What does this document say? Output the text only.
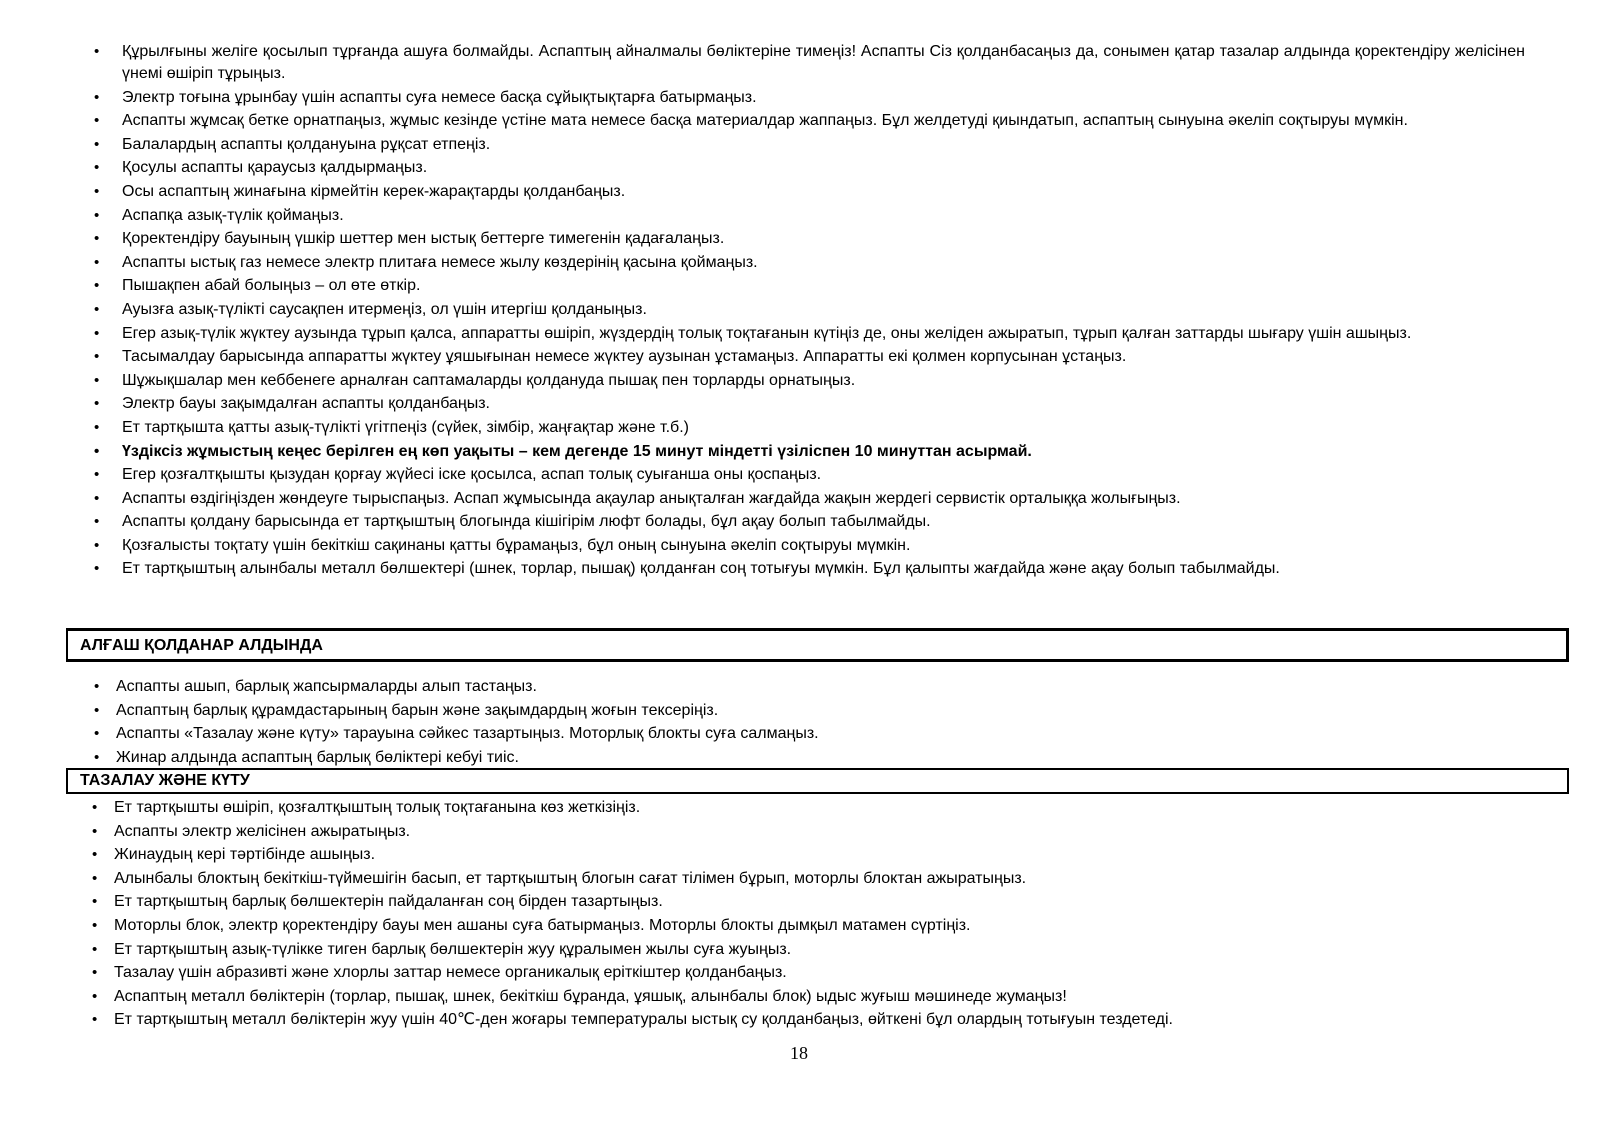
• Құрылғыны желіге қосылып тұрғанда ашуға болмайды. Аспаптың айналмалы бөліктеріне тимеңіз! Аспапты Сіз қолданбасаңыз да, сонымен қатар тазалар алдында қоректендіру желісінен үнемі өшіріп тұрыңыз.
• Электр тоғына ұрынбау үшін аспапты суға немесе басқа сұйықтықтарға батырмаңыз.
• Аспапты жұмсақ бетке орнатпаңыз, жұмыс кезінде үстіне мата немесе басқа материалдар жаппаңыз. Бұл желдетуді қиындатып, аспаптың сынуына әкеліп соқтыруы мүмкін.
• Балалардың аспапты қолдануына рұқсат етпеңіз.
• Қосулы аспапты қараусыз қалдырмаңыз.
• Осы аспаптың жинағына кірмейтін керек-жарақтарды қолданбаңыз.
• Аспапқа азық-түлік қоймаңыз.
• Қоректендіру бауының үшкір шеттер мен ыстық беттерге тимегенін қадағалаңыз.
• Аспапты ыстық газ немесе электр плитаға немесе жылу көздерінің қасына қоймаңыз.
• Пышақпен абай болыңыз – ол өте өткір.
• Ауызға азық-түлікті саусақпен итермеңіз, ол үшін итергіш қолданыңыз.
• Егер азық-түлік жүктеу аузында тұрып қалса, аппаратты өшіріп, жүздердің толық тоқтағанын күтіңіз де, оны желіден ажыратып, тұрып қалған заттарды шығару үшін ашыңыз.
• Тасымалдау барысында аппаратты жүктеу ұяшығынан немесе жүктеу аузынан ұстамаңыз. Аппаратты екі қолмен корпусынан ұстаңыз.
• Шұжықшалар мен кеббенеге арналған саптамаларды қолдануда пышақ пен торларды орнатыңыз.
• Электр бауы зақымдалған аспапты қолданбаңыз.
• Ет тартқышта қатты азық-түлікті үгітпеңіз (сүйек, зімбір, жаңғақтар және т.б.)
• Үздіксіз жұмыстың кеңес берілген ең көп уақыты – кем дегенде 15 минут міндетті үзіліспен 10 минуттан асырмай.
• Егер қозғалтқышты қызудан қорғау жүйесі іске қосылса, аспап толық суығанша оны қоспаңыз.
• Аспапты өздігіңізден жөндеуге тырыспаңыз. Аспап жұмысында ақаулар анықталған жағдайда жақын жердегі сервистік орталыққа жолығыңыз.
• Аспапты қолдану барысында ет тартқыштың блогында кішігірім люфт болады, бұл ақау болып табылмайды.
• Қозғалысты тоқтату үшін бекіткіш сақинаны қатты бұрамаңыз, бұл оның сынуына әкеліп соқтыруы мүмкін.
• Ет тартқыштың алынбалы металл бөлшектері (шнек, торлар, пышақ) қолданған соң тотығуы мүмкін. Бұл қалыпты жағдайда және ақау болып табылмайды.
АЛҒАШ ҚОЛДАНАР АЛДЫНДА
• Аспапты ашып, барлық жапсырмаларды алып тастаңыз.
• Аспаптың барлық құрамдастарының барын және зақымдардың жоғын тексеріңіз.
• Аспапты «Тазалау және күту» тарауына сәйкес тазартыңыз. Моторлық блокты суға салмаңыз.
• Жинар алдында аспаптың барлық бөліктері кебуі тиіс.
ТАЗАЛАУ ЖӘНЕ КҮТУ
• Ет тартқышты өшіріп, қозғалтқыштың толық тоқтағанына көз жеткізіңіз.
• Аспапты электр желісінен ажыратыңыз.
• Жинаудың кері тәртібінде ашыңыз.
• Алынбалы блоктың бекіткіш-түймешігін басып, ет тартқыштың блогын сағат тілімен бұрып, моторлы блоктан ажыратыңыз.
• Ет тартқыштың барлық бөлшектерін пайдаланған соң бірден тазартыңыз.
• Моторлы блок, электр қоректендіру бауы мен ашаны суға батырмаңыз. Моторлы блокты дымқыл матамен сүртіңіз.
• Ет тартқыштың азық-түлікке тиген барлық бөлшектерін жуу құралымен жылы суға жуыңыз.
• Тазалау үшін абразивті және хлорлы заттар немесе органикалық еріткіштер қолданбаңыз.
• Аспаптың металл бөліктерін (торлар, пышақ, шнек, бекіткіш бұранда, ұяшық, алынбалы блок) ыдыс жуғыш мәшинеде жумаңыз!
• Ет тартқыштың металл бөліктерін жуу үшін 40℃-ден жоғары температуралы ыстық су қолданбаңыз, өйткені бұл олардың тотығуын тездетеді.
18
